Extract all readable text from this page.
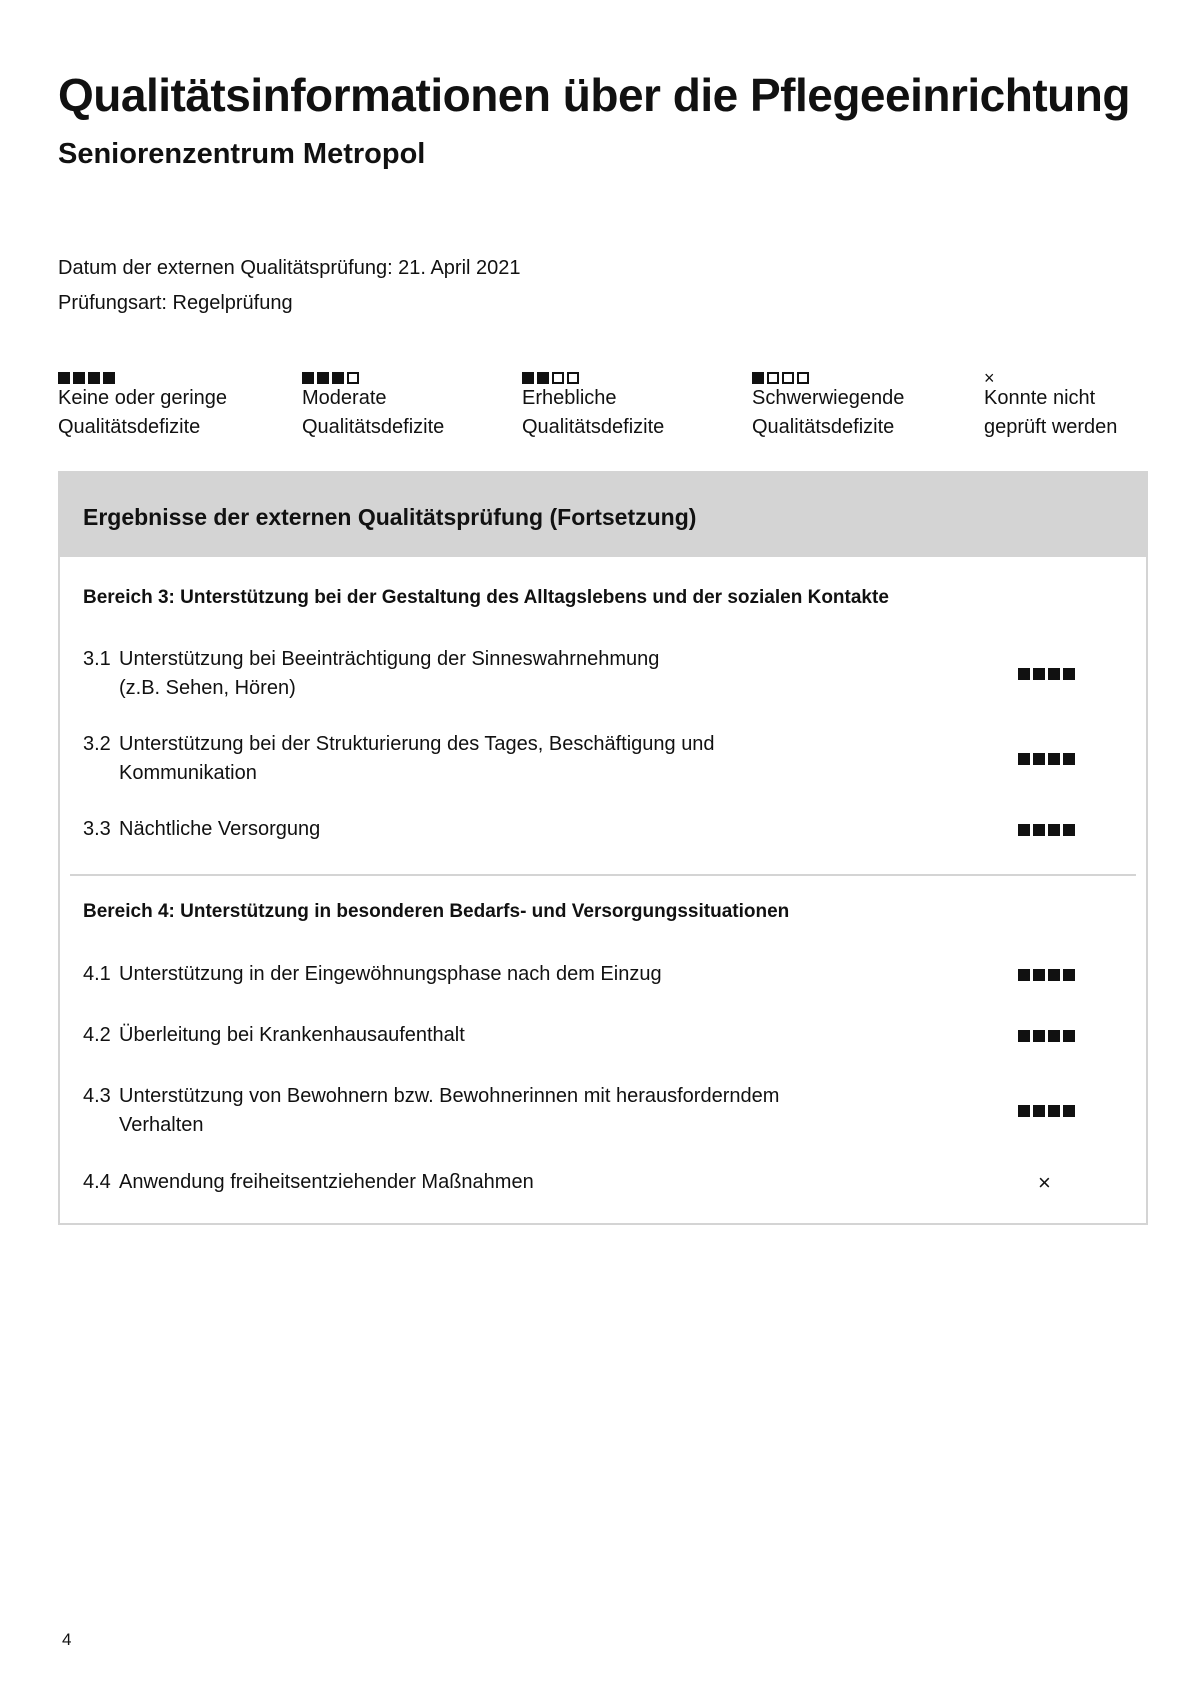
Qualitätsinformationen über die Pflegeeinrichtung
Seniorenzentrum Metropol
Datum der externen Qualitätsprüfung: 21. April 2021
Prüfungsart: Regelprüfung
Keine oder geringe
Qualitätsdefizite
Moderate
Qualitätsdefizite
Erhebliche
Qualitätsdefizite
Schwerwiegende
Qualitätsdefizite
×
Konnte nicht
geprüft werden
Ergebnisse der externen Qualitätsprüfung (Fortsetzung)
Bereich 3: Unterstützung bei der Gestaltung des Alltagslebens und der sozialen Kontakte
3.1 Unterstützung bei Beeinträchtigung der Sinneswahrnehmung
(z.B. Sehen, Hören)
3.2 Unterstützung bei der Strukturierung des Tages, Beschäftigung und
Kommunikation
3.3 Nächtliche Versorgung
Bereich 4: Unterstützung in besonderen Bedarfs- und Versorgungssituationen
4.1 Unterstützung in der Eingewöhnungsphase nach dem Einzug
4.2 Überleitung bei Krankenhausaufenthalt
4.3 Unterstützung von Bewohnern bzw. Bewohnerinnen mit herausforderndem
Verhalten
4.4 Anwendung freiheitsentziehender Maßnahmen	×
4
